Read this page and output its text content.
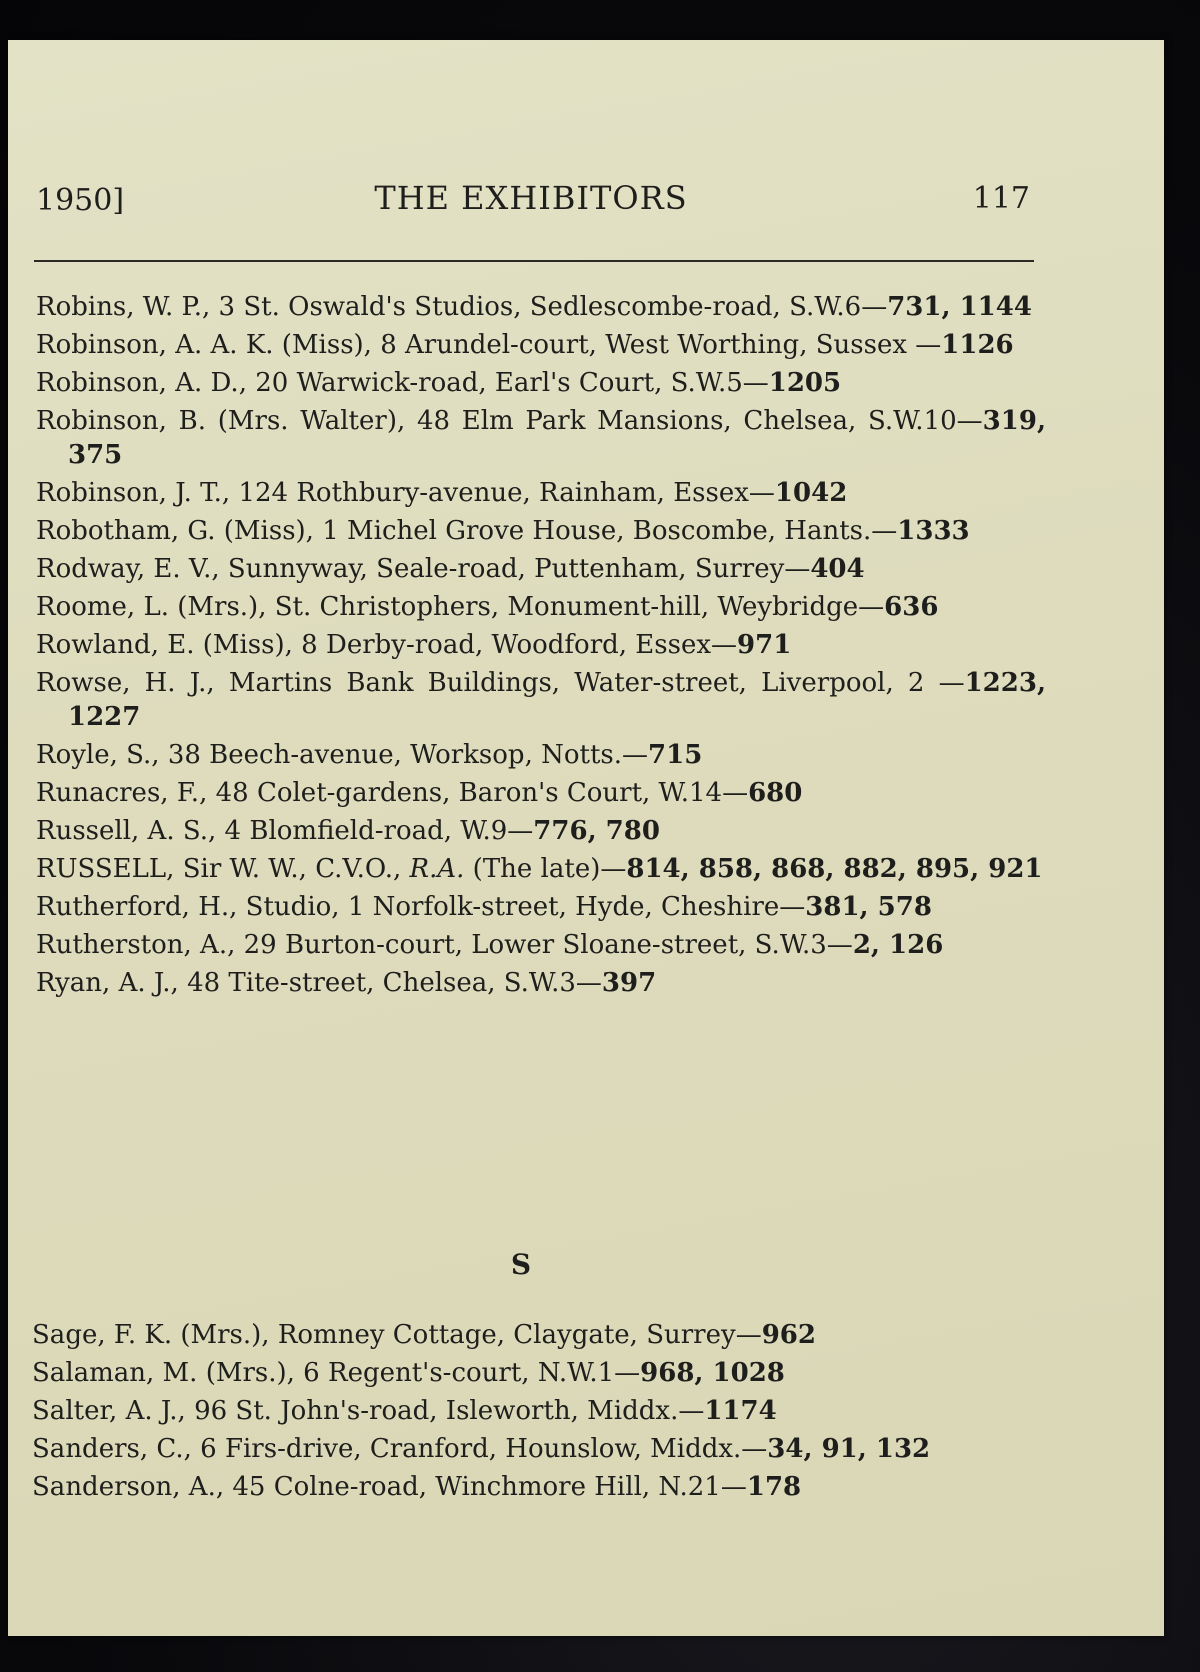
1950]	THE EXHIBITORS	117
Robins, W. P., 3 St. Oswald's Studios, Sedlescombe-road, S.W.6—731, 1144
Robinson, A. A. K. (Miss), 8 Arundel-court, West Worthing, Sussex —1126
Robinson, A. D., 20 Warwick-road, Earl's Court, S.W.5—1205
Robinson, B. (Mrs. Walter), 48 Elm Park Mansions, Chelsea, S.W.10—319, 375
Robinson, J. T., 124 Rothbury-avenue, Rainham, Essex—1042
Robotham, G. (Miss), 1 Michel Grove House, Boscombe, Hants.—1333
Rodway, E. V., Sunnyway, Seale-road, Puttenham, Surrey—404
Roome, L. (Mrs.), St. Christophers, Monument-hill, Weybridge—636
Rowland, E. (Miss), 8 Derby-road, Woodford, Essex—971
Rowse, H. J., Martins Bank Buildings, Water-street, Liverpool, 2 —1223, 1227
Royle, S., 38 Beech-avenue, Worksop, Notts.—715
Runacres, F., 48 Colet-gardens, Baron's Court, W.14—680
Russell, A. S., 4 Blomfield-road, W.9—776, 780
RUSSELL, Sir W. W., C.V.O., R.A. (The late)—814, 858, 868, 882, 895, 921
Rutherford, H., Studio, 1 Norfolk-street, Hyde, Cheshire—381, 578
Rutherston, A., 29 Burton-court, Lower Sloane-street, S.W.3—2, 126
Ryan, A. J., 48 Tite-street, Chelsea, S.W.3—397
S
Sage, F. K. (Mrs.), Romney Cottage, Claygate, Surrey—962
Salaman, M. (Mrs.), 6 Regent's-court, N.W.1—968, 1028
Salter, A. J., 96 St. John's-road, Isleworth, Middx.—1174
Sanders, C., 6 Firs-drive, Cranford, Hounslow, Middx.—34, 91, 132
Sanderson, A., 45 Colne-road, Winchmore Hill, N.21—178
